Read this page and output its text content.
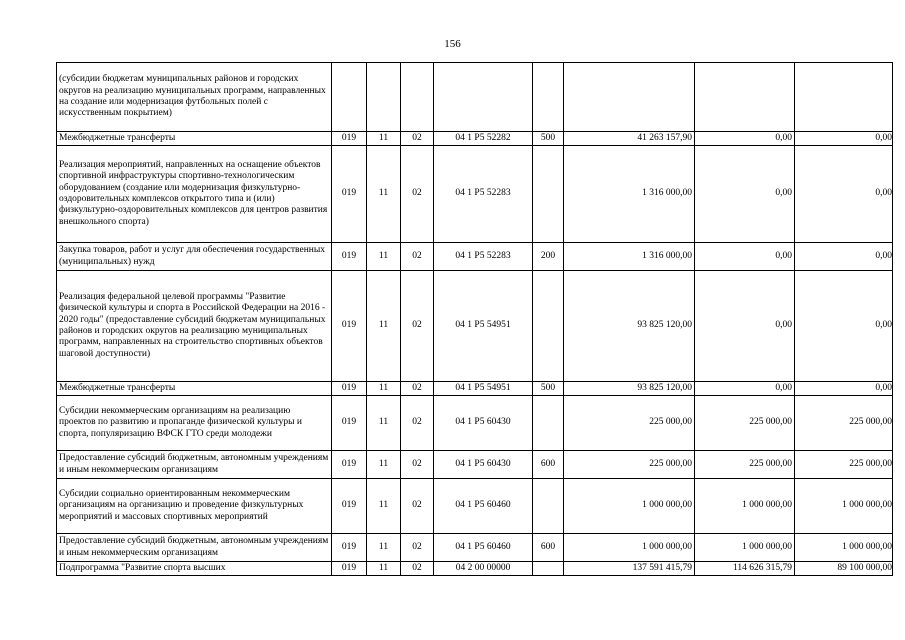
156
(субсидии бюджетам муниципальных районов и городских округов на реализацию муниципальных программ, направленных на создание или модернизация футбольных полей с искусственным покрытием)								
Межбюджетные трансферты	019	11	02	04 1 P5 52282	500	41 263 157,90	0,00	0,00
Реализация мероприятий, направленных на оснащение объектов спортивной инфраструктуры спортивно-технологическим оборудованием (создание или модернизация физкультурно-оздоровительных комплексов открытого типа и (или) физкультурно-оздоровительных комплексов для центров развития внешкольного спорта)	019	11	02	04 1 P5 52283		1 316 000,00	0,00	0,00
Закупка товаров, работ и услуг для обеспечения государственных (муниципальных) нужд	019	11	02	04 1 P5 52283	200	1 316 000,00	0,00	0,00
Реализация федеральной целевой программы "Развитие физической культуры и спорта в Российской Федерации на 2016 - 2020 годы" (предоставление субсидий бюджетам муниципальных районов и городских округов на реализацию муниципальных программ, направленных на строительство спортивных объектов шаговой доступности)	019	11	02	04 1 P5 54951		93 825 120,00	0,00	0,00
Межбюджетные трансферты	019	11	02	04 1 P5 54951	500	93 825 120,00	0,00	0,00
Субсидии некоммерческим организациям на реализацию проектов по развитию и пропаганде физической культуры и спорта, популяризацию ВФСК ГТО среди молодежи	019	11	02	04 1 P5 60430		225 000,00	225 000,00	225 000,00
Предоставление субсидий бюджетным, автономным учреждениям и иным некоммерческим организациям	019	11	02	04 1 P5 60430	600	225 000,00	225 000,00	225 000,00
Субсидии социально ориентированным некоммерческим организациям на организацию и проведение физкультурных мероприятий и массовых спортивных мероприятий	019	11	02	04 1 P5 60460		1 000 000,00	1 000 000,00	1 000 000,00
Предоставление субсидий бюджетным, автономным учреждениям и иным некоммерческим организациям	019	11	02	04 1 P5 60460	600	1 000 000,00	1 000 000,00	1 000 000,00
Подпрограмма "Развитие спорта высших	019	11	02	04 2 00 00000		137 591 415,79	114 626 315,79	89 100 000,00
